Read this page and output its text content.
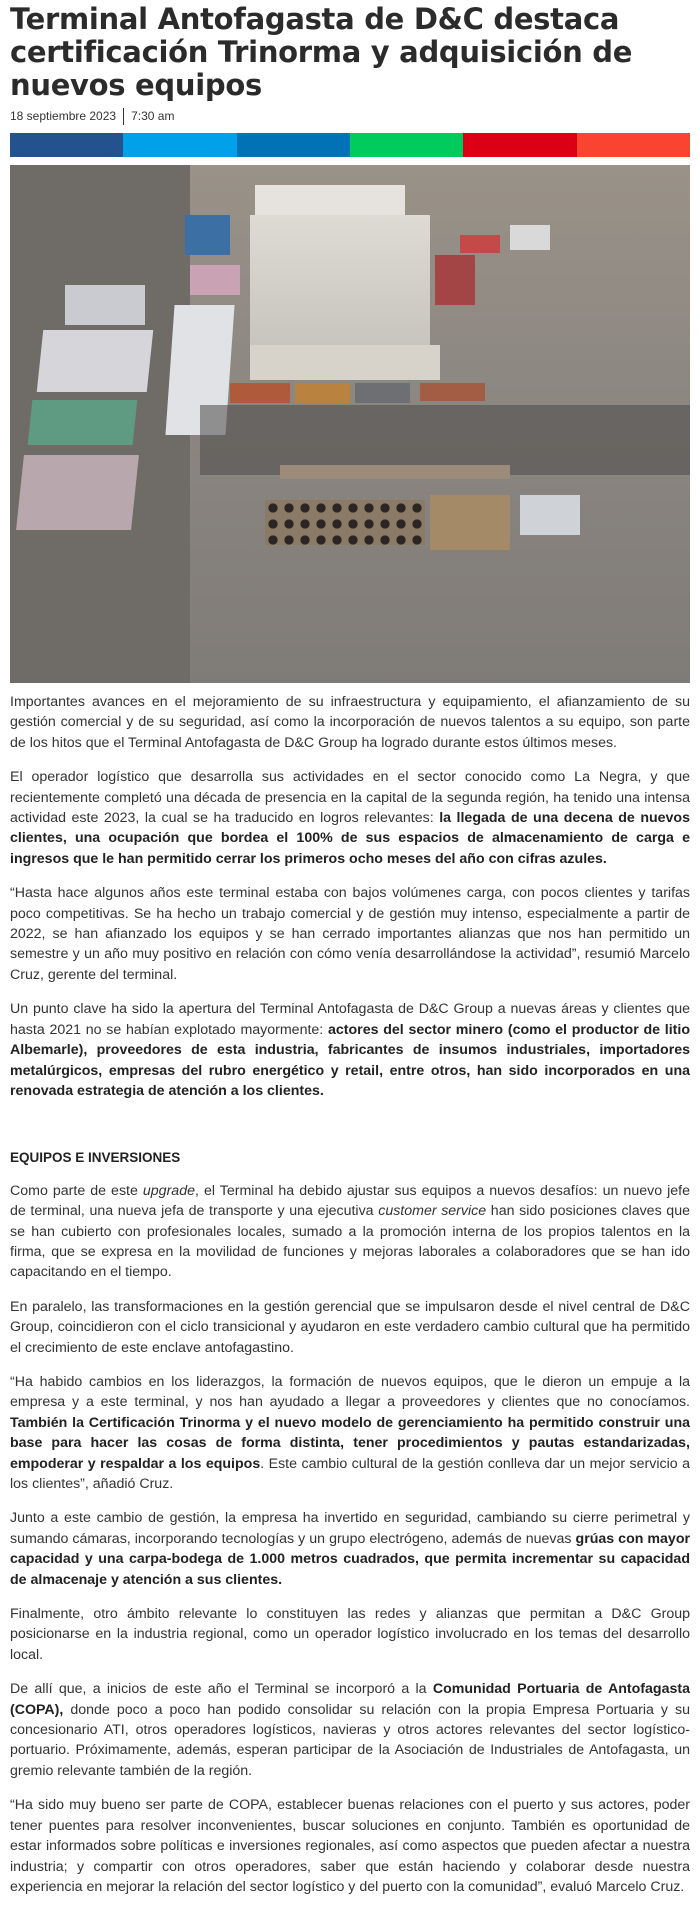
Terminal Antofagasta de D&C destaca certificación Trinorma y adquisición de nuevos equipos
18 septiembre 2023 7:30 am

Importantes avances en el mejoramiento de su infraestructura y equipamiento, el afianzamiento de su gestión comercial y de su seguridad, así como la incorporación de nuevos talentos a su equipo, son parte de los hitos que el Terminal Antofagasta de D&C Group ha logrado durante estos últimos meses.

El operador logístico que desarrolla sus actividades en el sector conocido como La Negra, y que recientemente completó una década de presencia en la capital de la segunda región, ha tenido una intensa actividad este 2023, la cual se ha traducido en logros relevantes: la llegada de una decena de nuevos clientes, una ocupación que bordea el 100% de sus espacios de almacenamiento de carga e ingresos que le han permitido cerrar los primeros ocho meses del año con cifras azules.

“Hasta hace algunos años este terminal estaba con bajos volúmenes carga, con pocos clientes y tarifas poco competitivas. Se ha hecho un trabajo comercial y de gestión muy intenso, especialmente a partir de 2022, se han afianzado los equipos y se han cerrado importantes alianzas que nos han permitido un semestre y un año muy positivo en relación con cómo venía desarrollándose la actividad”, resumió Marcelo Cruz, gerente del terminal.

Un punto clave ha sido la apertura del Terminal Antofagasta de D&C Group a nuevas áreas y clientes que hasta 2021 no se habían explotado mayormente: actores del sector minero (como el productor de litio Albemarle), proveedores de esta industria, fabricantes de insumos industriales, importadores metalúrgicos, empresas del rubro energético y retail, entre otros, han sido incorporados en una renovada estrategia de atención a los clientes.

EQUIPOS E INVERSIONES

Como parte de este upgrade, el Terminal ha debido ajustar sus equipos a nuevos desafíos: un nuevo jefe de terminal, una nueva jefa de transporte y una ejecutiva customer service han sido posiciones claves que se han cubierto con profesionales locales, sumado a la promoción interna de los propios talentos en la firma, que se expresa en la movilidad de funciones y mejoras laborales a colaboradores que se han ido capacitando en el tiempo.

En paralelo, las transformaciones en la gestión gerencial que se impulsaron desde el nivel central de D&C Group, coincidieron con el ciclo transicional y ayudaron en este verdadero cambio cultural que ha permitido el crecimiento de este enclave antofagastino.

“Ha habido cambios en los liderazgos, la formación de nuevos equipos, que le dieron un empuje a la empresa y a este terminal, y nos han ayudado a llegar a proveedores y clientes que no conocíamos. También la Certificación Trinorma y el nuevo modelo de gerenciamiento ha permitido construir una base para hacer las cosas de forma distinta, tener procedimientos y pautas estandarizadas, empoderar y respaldar a los equipos. Este cambio cultural de la gestión conlleva dar un mejor servicio a los clientes”, añadió Cruz.

Junto a este cambio de gestión, la empresa ha invertido en seguridad, cambiando su cierre perimetral y sumando cámaras, incorporando tecnologías y un grupo electrógeno, además de nuevas grúas con mayor capacidad y una carpa-bodega de 1.000 metros cuadrados, que permita incrementar su capacidad de almacenaje y atención a sus clientes.

Finalmente, otro ámbito relevante lo constituyen las redes y alianzas que permitan a D&C Group posicionarse en la industria regional, como un operador logístico involucrado en los temas del desarrollo local.

De allí que, a inicios de este año el Terminal se incorporó a la Comunidad Portuaria de Antofagasta (COPA), donde poco a poco han podido consolidar su relación con la propia Empresa Portuaria y su concesionario ATI, otros operadores logísticos, navieras y otros actores relevantes del sector logístico-portuario. Próximamente, además, esperan participar de la Asociación de Industriales de Antofagasta, un gremio relevante también de la región.

“Ha sido muy bueno ser parte de COPA, establecer buenas relaciones con el puerto y sus actores, poder tener puentes para resolver inconvenientes, buscar soluciones en conjunto. También es oportunidad de estar informados sobre políticas e inversiones regionales, así como aspectos que pueden afectar a nuestra industria; y compartir con otros operadores, saber que están haciendo y colaborar desde nuestra experiencia en mejorar la relación del sector logístico y del puerto con la comunidad”, evaluó Marcelo Cruz.
